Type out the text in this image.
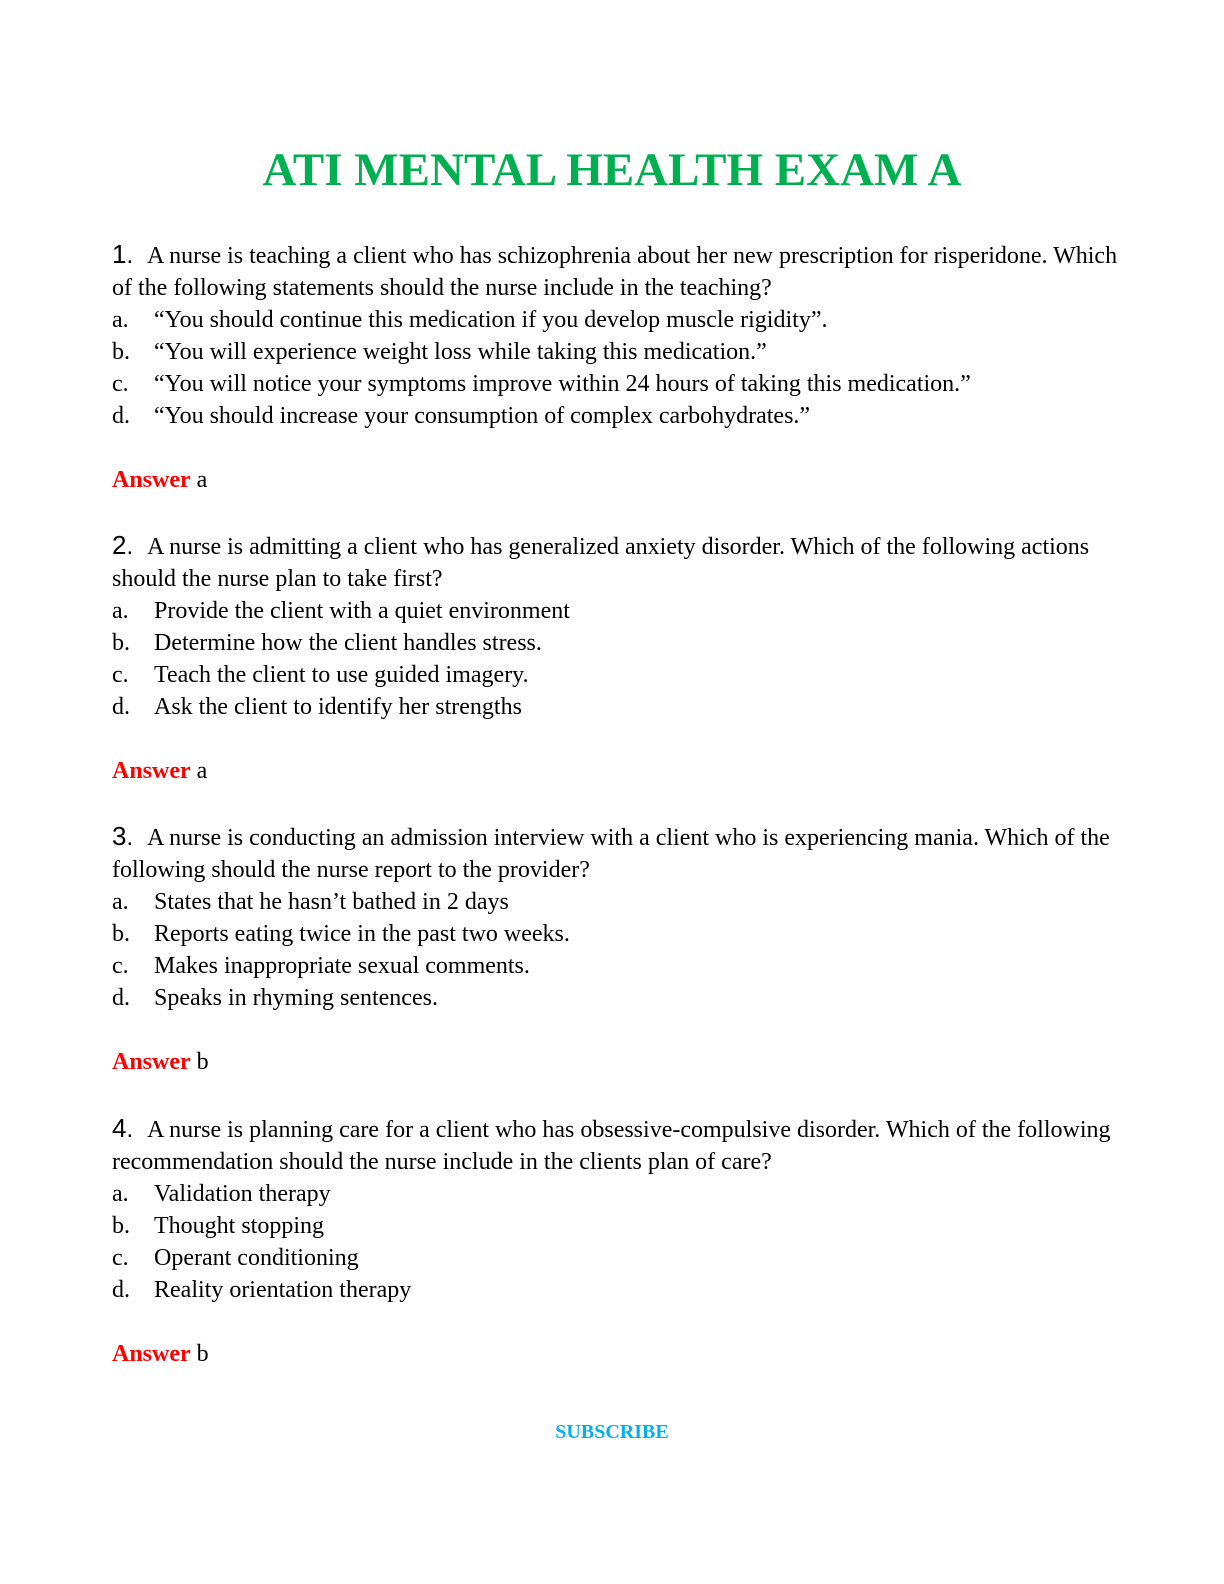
ATI MENTAL HEALTH EXAM A

1. A nurse is teaching a client who has schizophrenia about her new prescription for risperidone. Which of the following statements should the nurse include in the teaching?

a.	“You should continue this medication if you develop muscle rigidity”.
b.	“You will experience weight loss while taking this medication.”
c.	“You will notice your symptoms improve within 24 hours of taking this medication.”
d.	“You should increase your consumption of complex carbohydrates.”

Answer a

2. A nurse is admitting a client who has generalized anxiety disorder. Which of the following actions should the nurse plan to take first?

a.	Provide the client with a quiet environment
b.	Determine how the client handles stress.
c.	Teach the client to use guided imagery.
d.	Ask the client to identify her strengths

Answer a

3. A nurse is conducting an admission interview with a client who is experiencing mania. Which of the following should the nurse report to the provider?

a.	States that he hasn’t bathed in 2 days
b.	Reports eating twice in the past two weeks.
c.	Makes inappropriate sexual comments.
d.	Speaks in rhyming sentences.

Answer b

4. A nurse is planning care for a client who has obsessive-compulsive disorder. Which of the following recommendation should the nurse include in the clients plan of care?

a.	Validation therapy
b.	Thought stopping
c.	Operant conditioning
d.	Reality orientation therapy

Answer b

SUBSCRIBE
